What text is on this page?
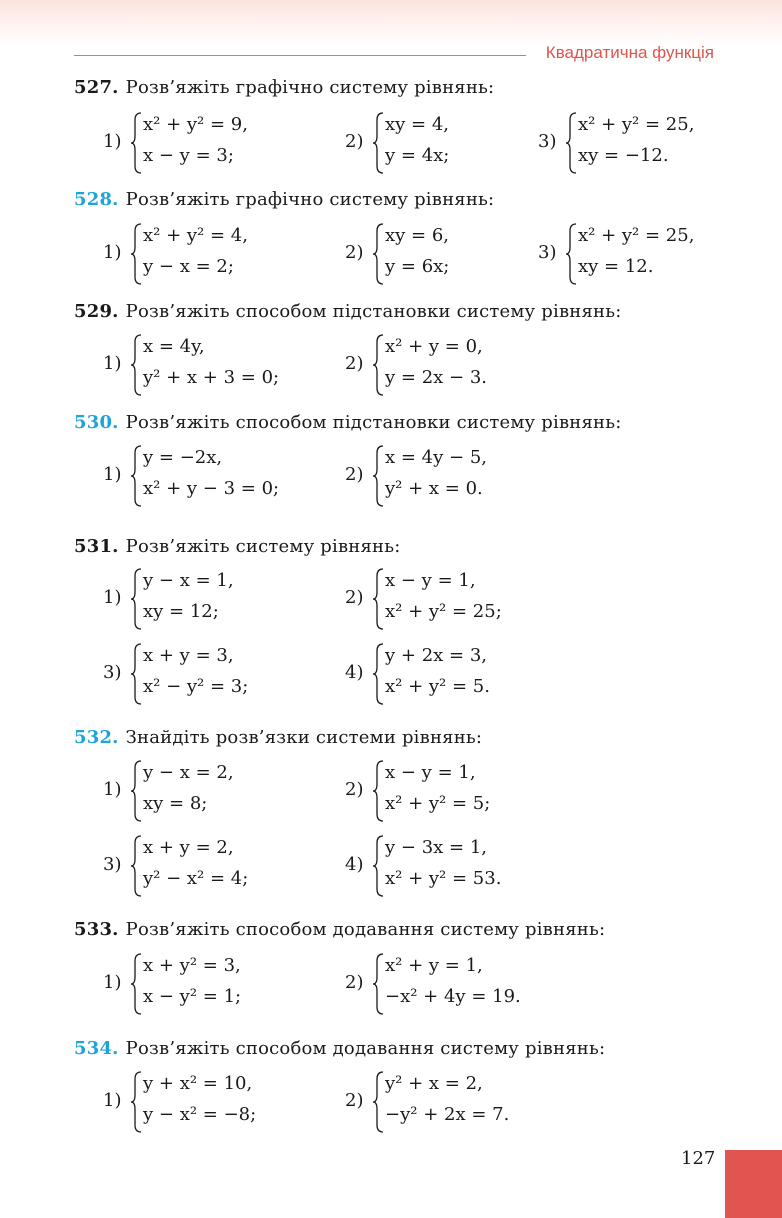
Квадратична функція
527. Розв’яжіть графічно систему рівнянь:
1)
x² + y² = 9,
x − y = 3;
2)
xy = 4,
y = 4x;
3)
x² + y² = 25,
xy = −12.
528. Розв’яжіть графічно систему рівнянь:
1)
x² + y² = 4,
y − x = 2;
2)
xy = 6,
y = 6x;
3)
x² + y² = 25,
xy = 12.
529. Розв’яжіть способом підстановки систему рівнянь:
1)
x = 4y,
y² + x + 3 = 0;
2)
x² + y = 0,
y = 2x − 3.
530. Розв’яжіть способом підстановки систему рівнянь:
1)
y = −2x,
x² + y − 3 = 0;
2)
x = 4y − 5,
y² + x = 0.
531. Розв’яжіть систему рівнянь:
1)
y − x = 1,
xy = 12;
2)
x − y = 1,
x² + y² = 25;
3)
x + y = 3,
x² − y² = 3;
4)
y + 2x = 3,
x² + y² = 5.
532. Знайдіть розв’язки системи рівнянь:
1)
y − x = 2,
xy = 8;
2)
x − y = 1,
x² + y² = 5;
3)
x + y = 2,
y² − x² = 4;
4)
y − 3x = 1,
x² + y² = 53.
533. Розв’яжіть способом додавання систему рівнянь:
1)
x + y² = 3,
x − y² = 1;
2)
x² + y = 1,
−x² + 4y = 19.
534. Розв’яжіть способом додавання систему рівнянь:
1)
y + x² = 10,
y − x² = −8;
2)
y² + x = 2,
−y² + 2x = 7.
127
